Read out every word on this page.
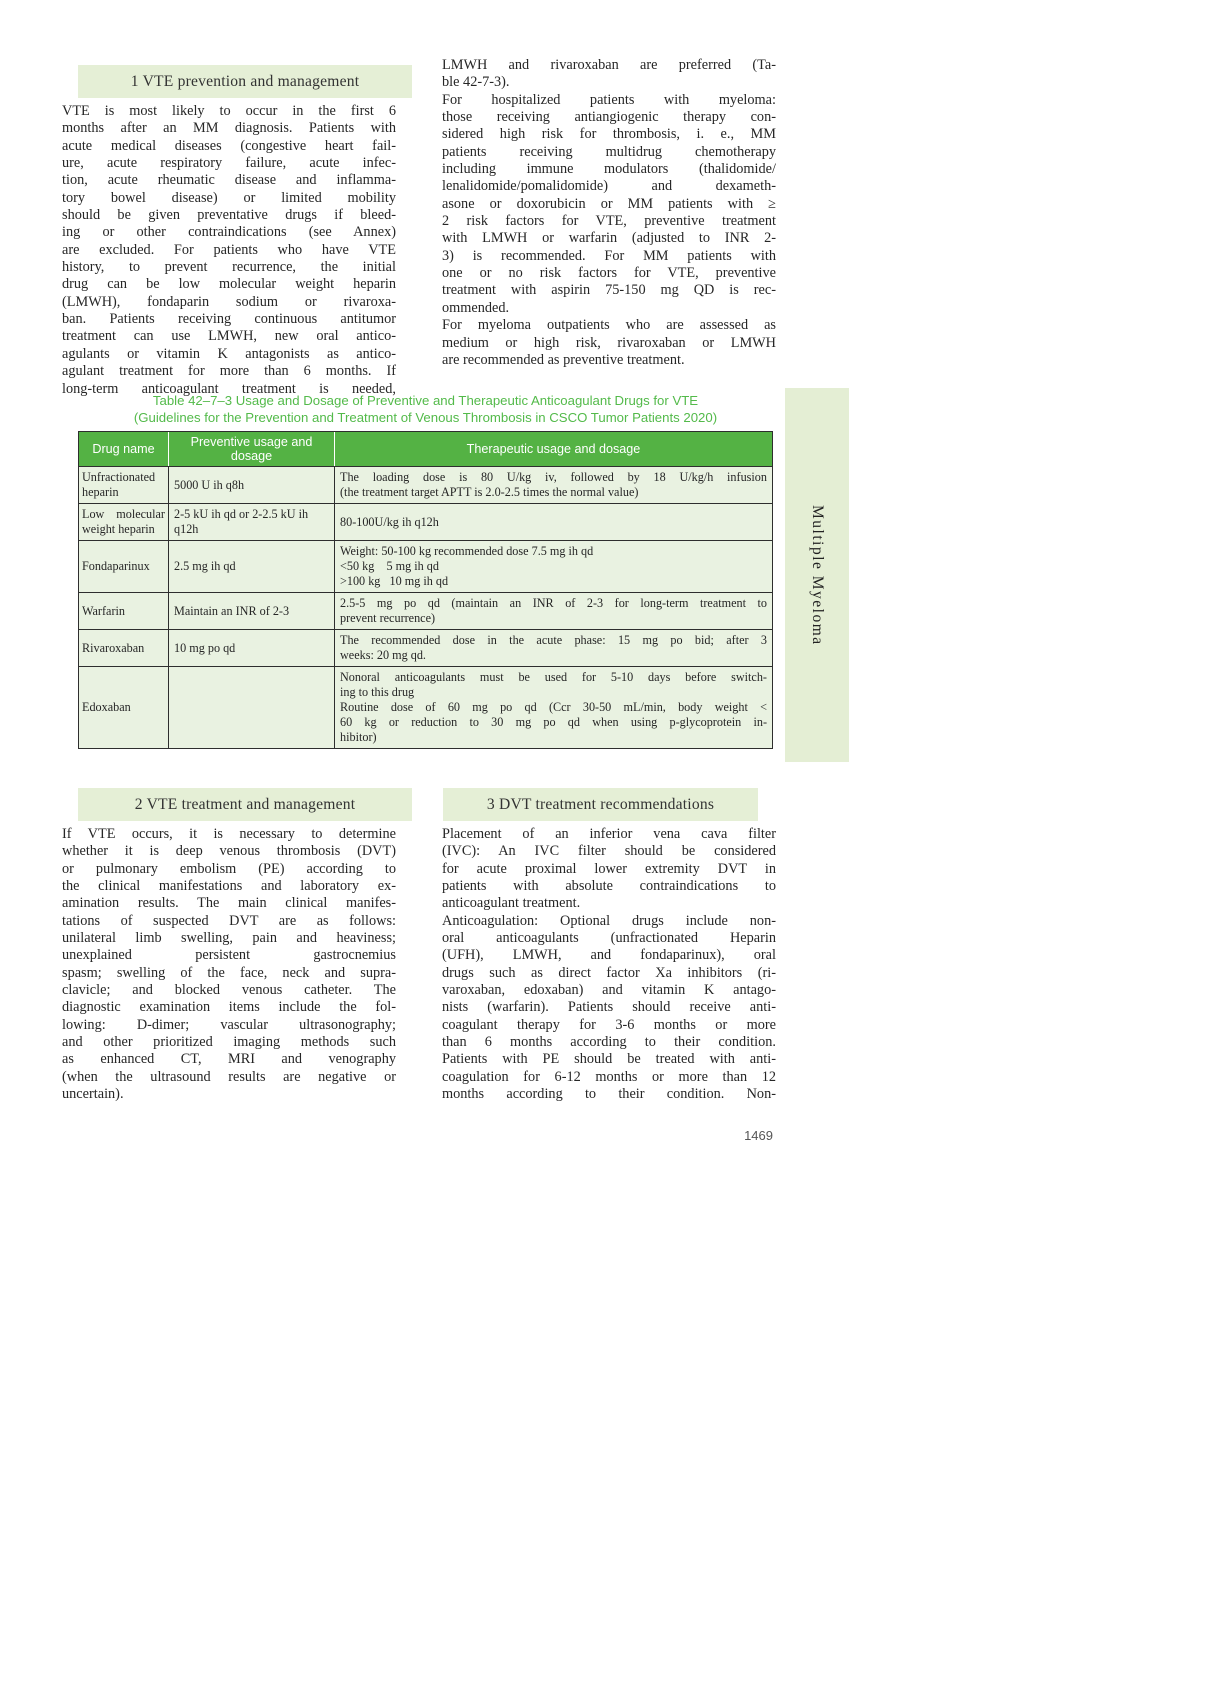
1 VTE prevention and management
VTE is most likely to occur in the first 6
months after an MM diagnosis. Patients with
acute medical diseases (congestive heart fail-
ure, acute respiratory failure, acute infec-
tion, acute rheumatic disease and inflamma-
tory bowel disease) or limited mobility
should be given preventative drugs if bleed-
ing or other contraindications (see Annex)
are excluded. For patients who have VTE
history, to prevent recurrence, the initial
drug can be low molecular weight heparin
(LMWH), fondaparin sodium or rivaroxa-
ban. Patients receiving continuous antitumor
treatment can use LMWH, new oral antico-
agulants or vitamin K antagonists as antico-
agulant treatment for more than 6 months. If
long-term anticoagulant treatment is needed,
LMWH and rivaroxaban are preferred (Ta-
ble 42-7-3).
For hospitalized patients with myeloma:
those receiving antiangiogenic therapy con-
sidered high risk for thrombosis, i. e., MM
patients receiving multidrug chemotherapy
including immune modulators (thalidomide/
lenalidomide/pomalidomide) and dexameth-
asone or doxorubicin or MM patients with ≥
2 risk factors for VTE, preventive treatment
with LMWH or warfarin (adjusted to INR 2-
3) is recommended. For MM patients with
one or no risk factors for VTE, preventive
treatment with aspirin 75-150 mg QD is rec-
ommended.
For myeloma outpatients who are assessed as
medium or high risk, rivaroxaban or LMWH
are recommended as preventive treatment.
Table 42–7–3 Usage and Dosage of Preventive and Therapeutic Anticoagulant Drugs for VTE
(Guidelines for the Prevention and Treatment of Venous Thrombosis in CSCO Tumor Patients 2020)
Drug name	Preventive usage and dosage	Therapeutic usage and dosage
Unfractionated heparin	5000 U ih q8h	The loading dose is 80 U/kg iv, followed by 18 U/kg/h infusion
(the treatment target APTT is 2.0-2.5 times the normal value)

Low molecular weight heparin	2-5 kU ih qd or 2-2.5 kU ih q12h	80-100U/kg ih q12h

Fondaparinux	2.5 mg ih qd	Weight: 50-100 kg recommended dose 7.5 mg ih qd
<50 kg  5 mg ih qd
>100 kg  10 mg ih qd

Warfarin	Maintain an INR of 2-3	2.5-5 mg po qd (maintain an INR of 2-3 for long-term treatment to
prevent recurrence)

Rivaroxaban	10 mg po qd	The recommended dose in the acute phase: 15 mg po bid; after 3
weeks: 20 mg qd.

Edoxaban		Nonoral anticoagulants must be used for 5-10 days before switch-
ing to this drug
Routine dose of 60 mg po qd (Ccr 30-50 mL/min, body weight <
60 kg or reduction to 30 mg po qd when using p-glycoprotein in-
hibitor)
2 VTE treatment and management
If VTE occurs, it is necessary to determine
whether it is deep venous thrombosis (DVT)
or pulmonary embolism (PE) according to
the clinical manifestations and laboratory ex-
amination results. The main clinical manifes-
tations of suspected DVT are as follows:
unilateral limb swelling, pain and heaviness;
unexplained persistent gastrocnemius
spasm; swelling of the face, neck and supra-
clavicle; and blocked venous catheter. The
diagnostic examination items include the fol-
lowing: D-dimer; vascular ultrasonography;
and other prioritized imaging methods such
as enhanced CT, MRI and venography
(when the ultrasound results are negative or
uncertain).
3 DVT treatment recommendations
Placement of an inferior vena cava filter
(IVC): An IVC filter should be considered
for acute proximal lower extremity DVT in
patients with absolute contraindications to
anticoagulant treatment.
Anticoagulation: Optional drugs include non-
oral anticoagulants (unfractionated Heparin
(UFH), LMWH, and fondaparinux), oral
drugs such as direct factor Xa inhibitors (ri-
varoxaban, edoxaban) and vitamin K antago-
nists (warfarin). Patients should receive anti-
coagulant therapy for 3-6 months or more
than 6 months according to their condition.
Patients with PE should be treated with anti-
coagulation for 6-12 months or more than 12
months according to their condition. Non-
Multiple Myeloma
1469
